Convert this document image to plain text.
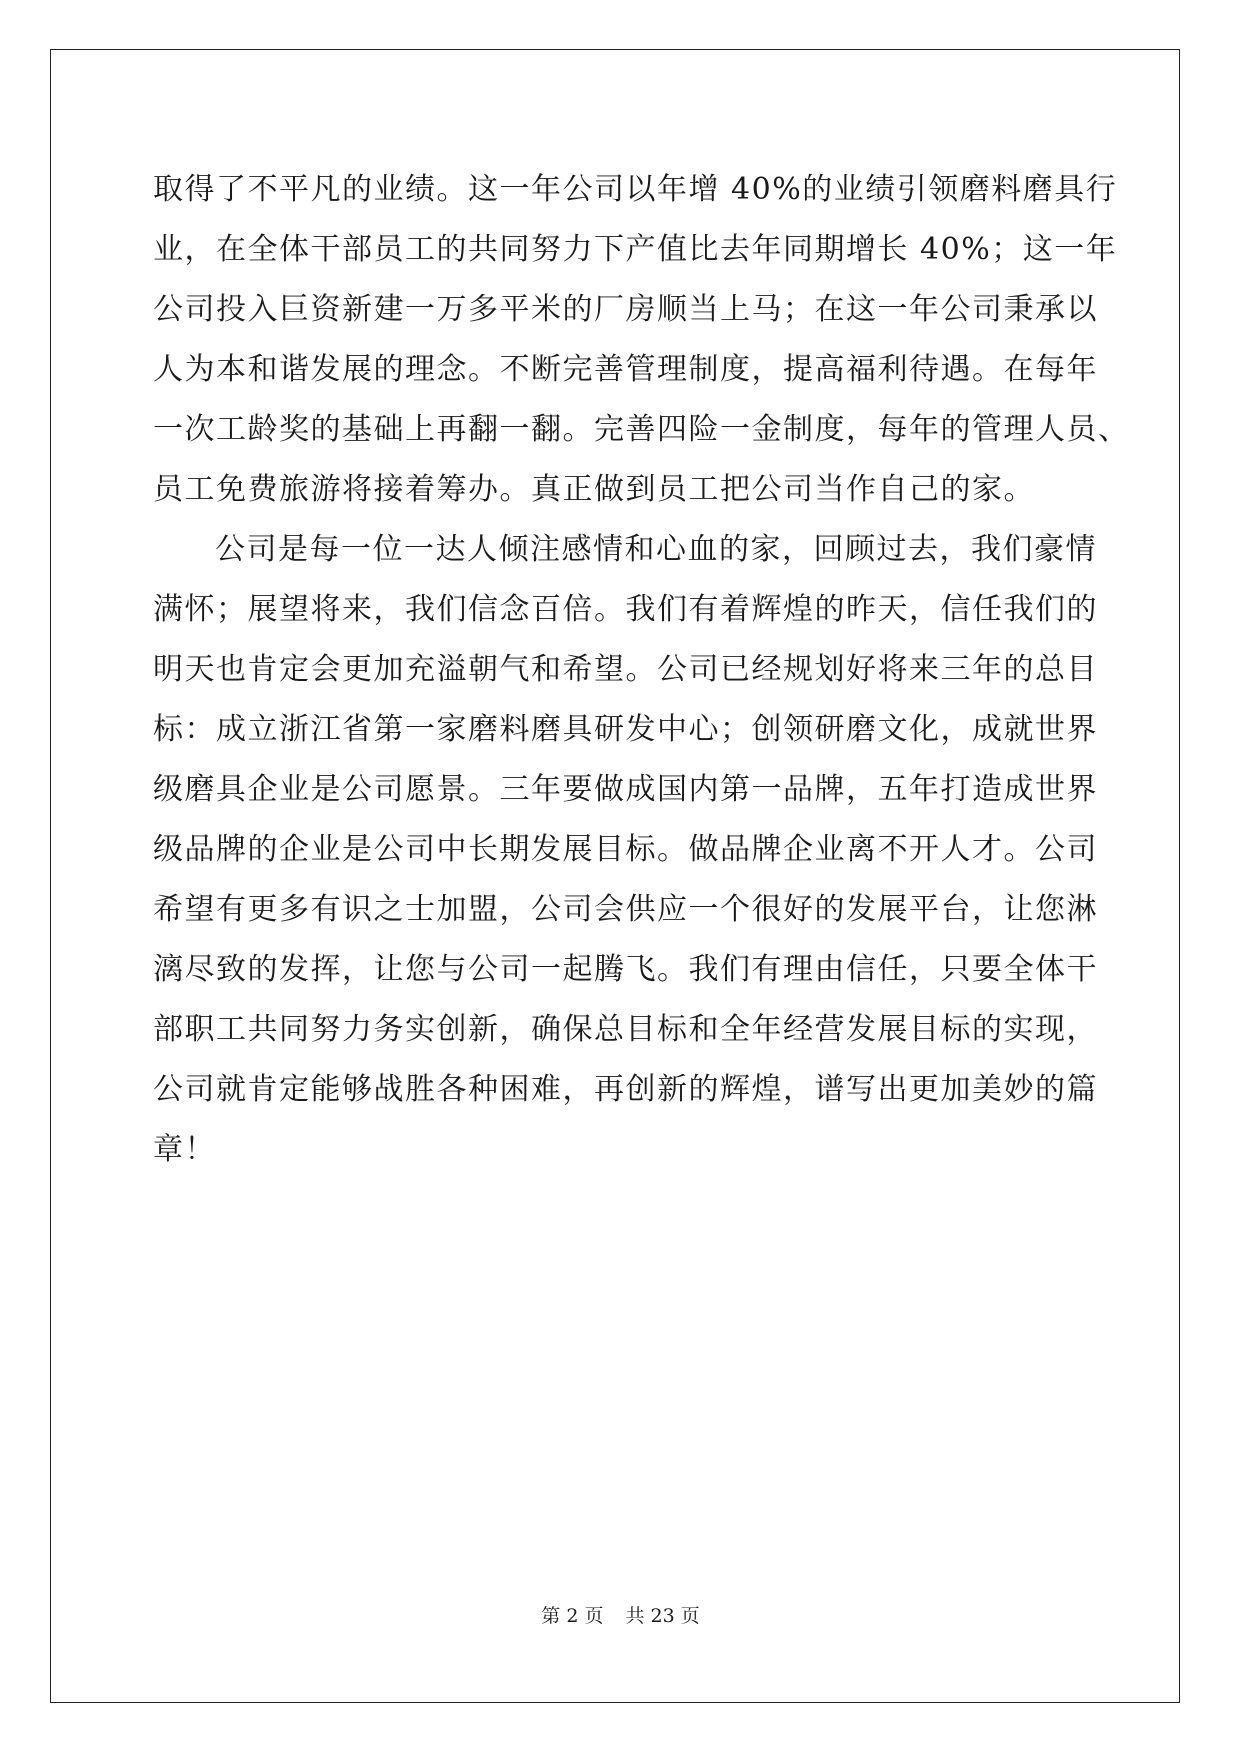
取得了不平凡的业绩。这一年公司以年增 40%的业绩引领磨料磨具行
业，在全体干部员工的共同努力下产值比去年同期增长 40%；这一年
公司投入巨资新建一万多平米的厂房顺当上马；在这一年公司秉承以
人为本和谐发展的理念。不断完善管理制度，提高福利待遇。在每年
一次工龄奖的基础上再翻一翻。完善四险一金制度，每年的管理人员、
员工免费旅游将接着筹办。真正做到员工把公司当作自己的家。
公司是每一位一达人倾注感情和心血的家，回顾过去，我们豪情
满怀；展望将来，我们信念百倍。我们有着辉煌的昨天，信任我们的
明天也肯定会更加充溢朝气和希望。公司已经规划好将来三年的总目
标：成立浙江省第一家磨料磨具研发中心；创领研磨文化，成就世界
级磨具企业是公司愿景。三年要做成国内第一品牌，五年打造成世界
级品牌的企业是公司中长期发展目标。做品牌企业离不开人才。公司
希望有更多有识之士加盟，公司会供应一个很好的发展平台，让您淋
漓尽致的发挥，让您与公司一起腾飞。我们有理由信任，只要全体干
部职工共同努力务实创新，确保总目标和全年经营发展目标的实现，
公司就肯定能够战胜各种困难，再创新的辉煌，谱写出更加美妙的篇
章！
第 2 页 共 23 页
